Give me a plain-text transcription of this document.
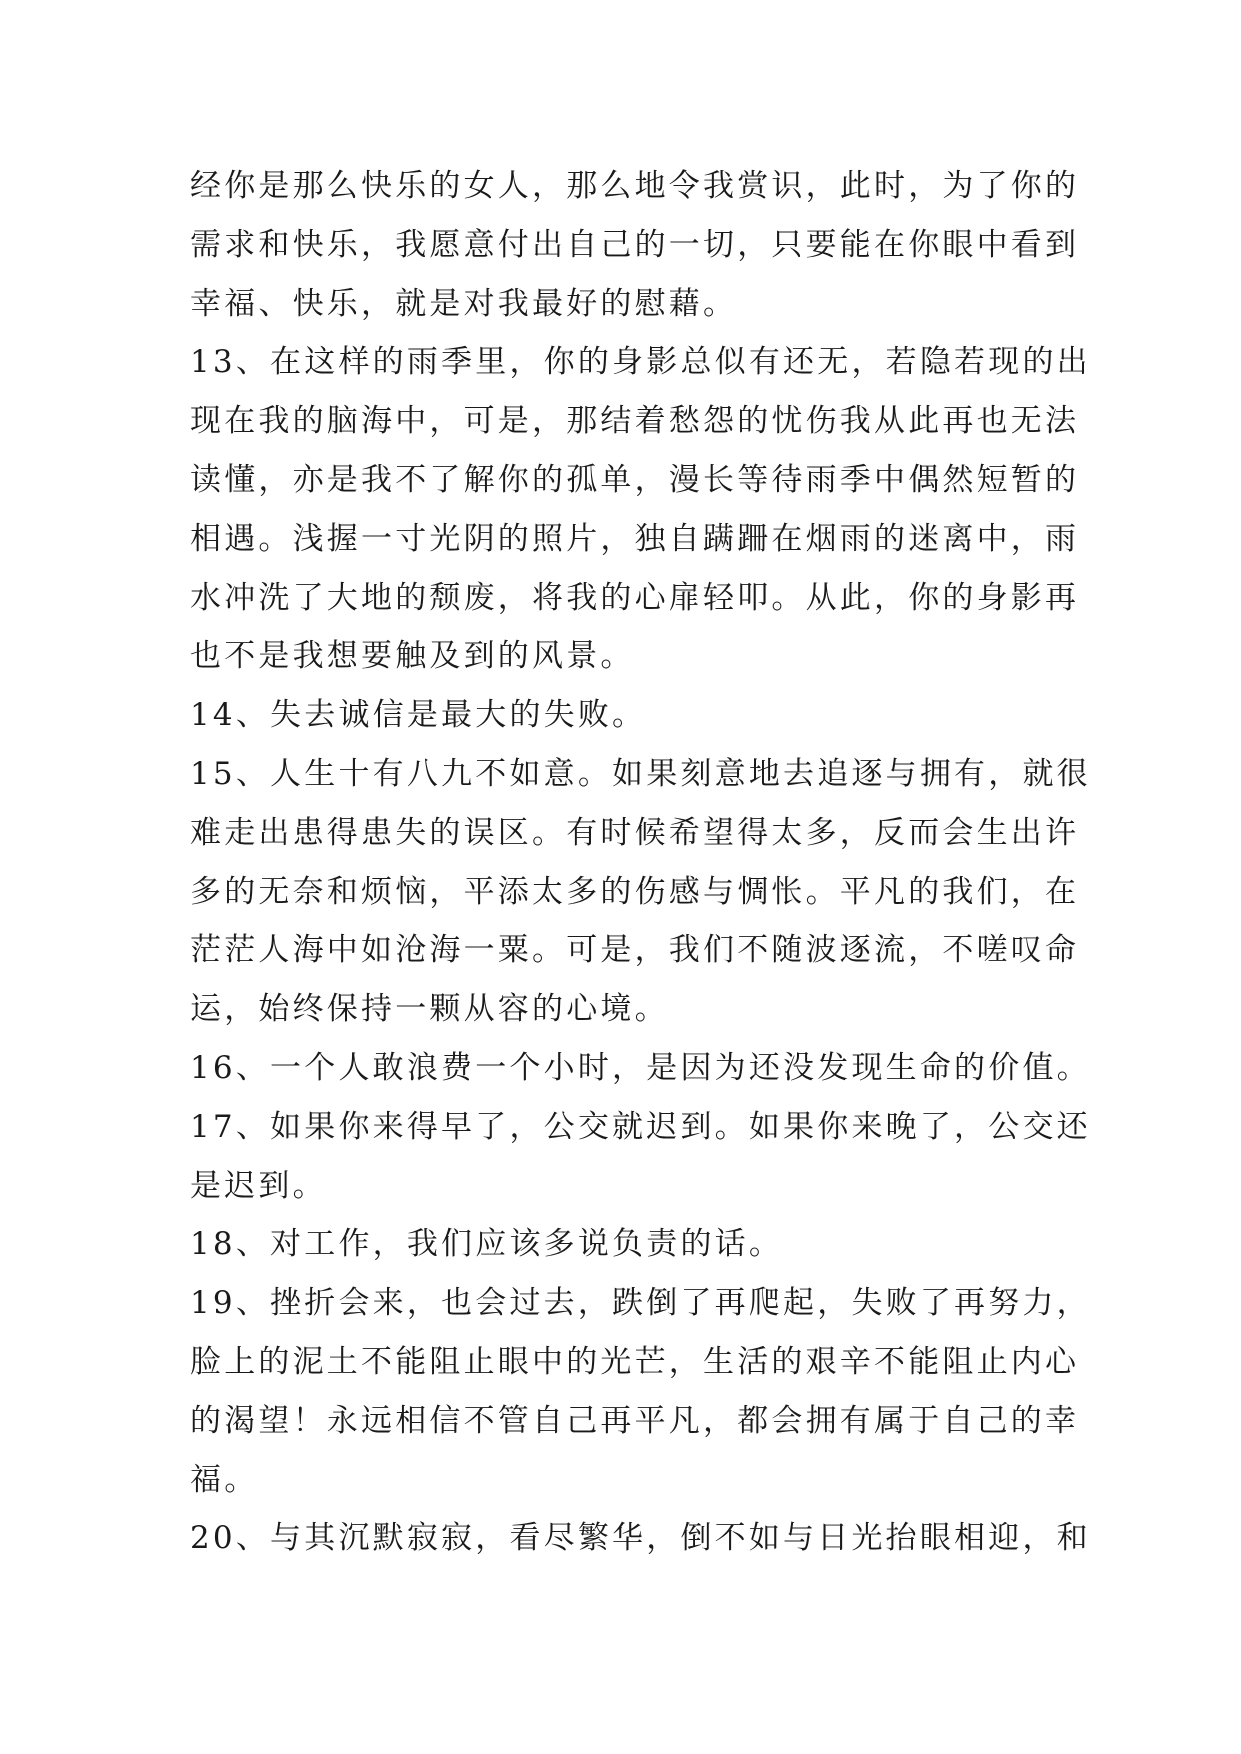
经你是那么快乐的女人，那么地令我赏识，此时，为了你的
需求和快乐，我愿意付出自己的一切，只要能在你眼中看到
幸福、快乐，就是对我最好的慰藉。
13、在这样的雨季里，你的身影总似有还无，若隐若现的出
现在我的脑海中，可是，那结着愁怨的忧伤我从此再也无法
读懂，亦是我不了解你的孤单，漫长等待雨季中偶然短暂的
相遇。浅握一寸光阴的照片，独自蹒跚在烟雨的迷离中，雨
水冲洗了大地的颓废，将我的心扉轻叩。从此，你的身影再
也不是我想要触及到的风景。
14、失去诚信是最大的失败。
15、人生十有八九不如意。如果刻意地去追逐与拥有，就很
难走出患得患失的误区。有时候希望得太多，反而会生出许
多的无奈和烦恼，平添太多的伤感与惆怅。平凡的我们，在
茫茫人海中如沧海一粟。可是，我们不随波逐流，不嗟叹命
运，始终保持一颗从容的心境。
16、一个人敢浪费一个小时，是因为还没发现生命的价值。
17、如果你来得早了，公交就迟到。如果你来晚了，公交还
是迟到。
18、对工作，我们应该多说负责的话。
19、挫折会来，也会过去，跌倒了再爬起，失败了再努力，
脸上的泥土不能阻止眼中的光芒，生活的艰辛不能阻止内心
的渴望！永远相信不管自己再平凡，都会拥有属于自己的幸
福。
20、与其沉默寂寂，看尽繁华，倒不如与日光抬眼相迎，和
